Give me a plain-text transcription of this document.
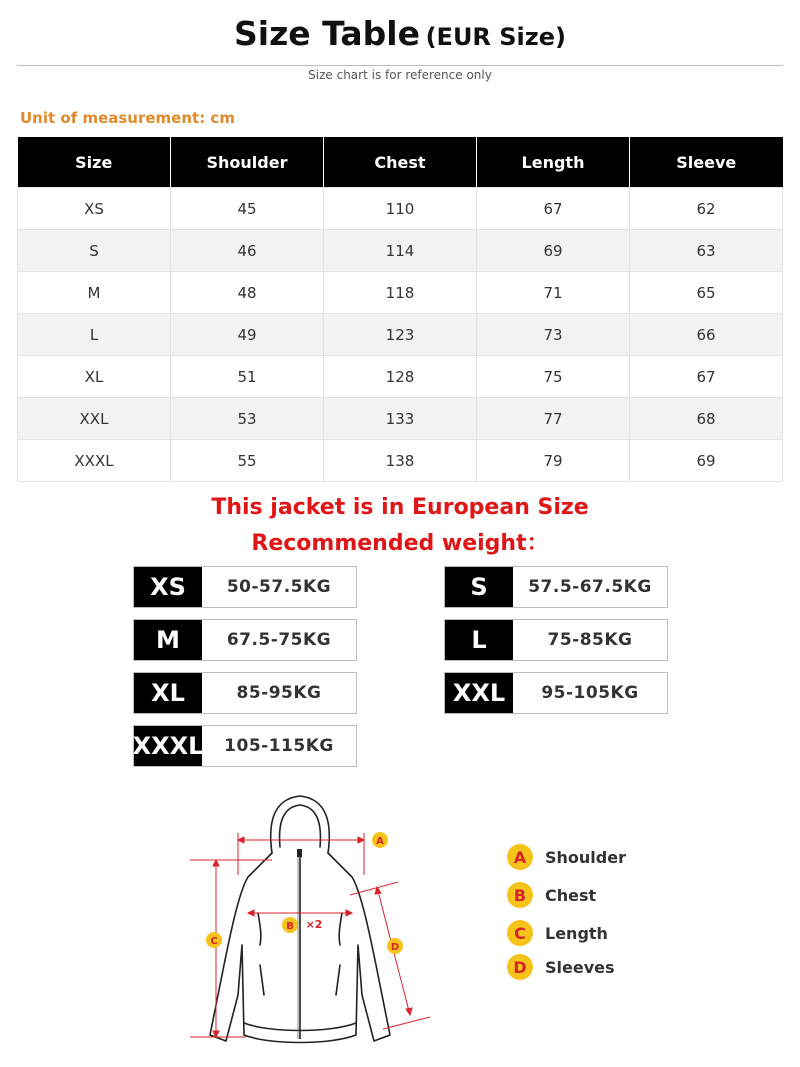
Size Table (EUR Size)
Size chart is for reference only
Unit of measurement: cm
Size	Shoulder	Chest	Length	Sleeve
XS	45	110	67	62
S	46	114	69	63
M	48	118	71	65
L	49	123	73	66
XL	51	128	75	67
XXL	53	133	77	68
XXXL	55	138	79	69
This jacket is in European Size
Recommended weight：
XS	50-57.5KG	S	57.5-67.5KG
M	67.5-75KG	L	75-85KG
XL	85-95KG	XXL	95-105KG
XXXL	105-115KG
A
B
C
D
×2
A	Shoulder
B	Chest
C	Length
D	Sleeves
